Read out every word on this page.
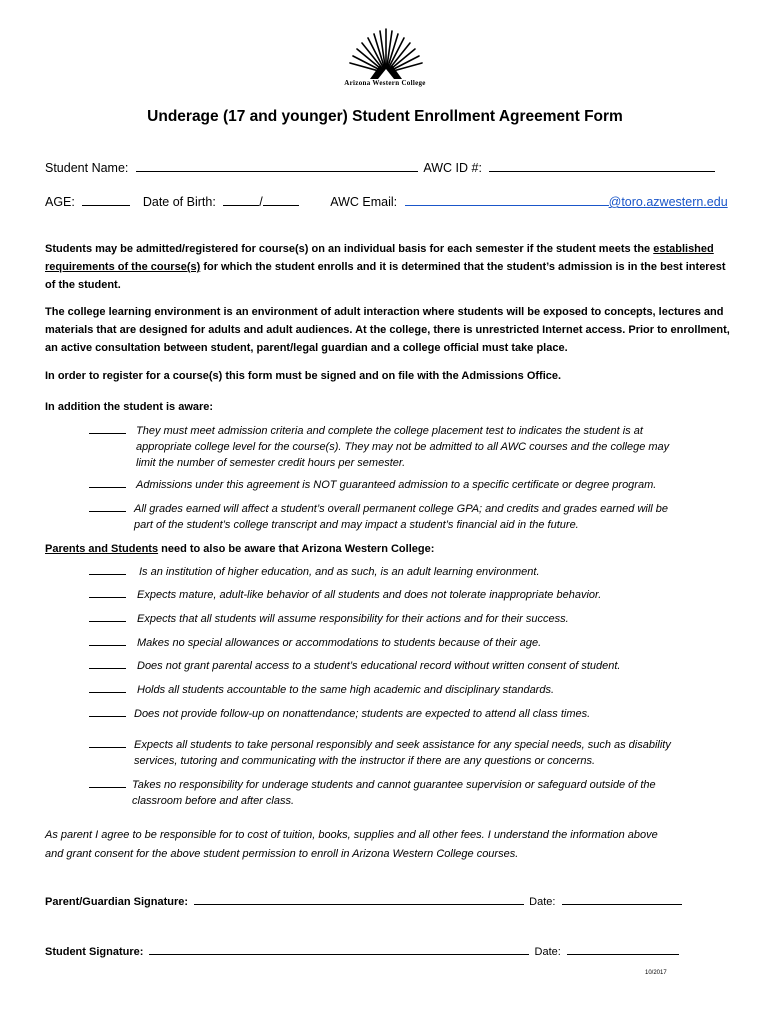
Arizona Western College
Underage (17 and younger) Student Enrollment Agreement Form
Student Name:	AWC ID #:
AGE:	Date of Birth:	/	AWC Email:	@toro.azwestern.edu
Students may be admitted/registered for course(s) on an individual basis for each semester if the student meets the established requirements of the course(s) for which the student enrolls and it is determined that the student’s admission is in the best interest of the student.
The college learning environment is an environment of adult interaction where students will be exposed to concepts, lectures and materials that are designed for adults and adult audiences. At the college, there is unrestricted Internet access. Prior to enrollment, an active consultation between student, parent/legal guardian and a college official must take place.
In order to register for a course(s) this form must be signed and on file with the Admissions Office.
In addition the student is aware:
They must meet admission criteria and complete the college placement test to indicates the student is at appropriate college level for the course(s). They may not be admitted to all AWC courses and the college may limit the number of semester credit hours per semester.
Admissions under this agreement is NOT guaranteed admission to a specific certificate or degree program.
All grades earned will affect a student’s overall permanent college GPA; and credits and grades earned will be part of the student’s college transcript and may impact a student’s financial aid in the future.
Parents and Students need to also be aware that Arizona Western College:
Is an institution of higher education, and as such, is an adult learning environment.
Expects mature, adult-like behavior of all students and does not tolerate inappropriate behavior.
Expects that all students will assume responsibility for their actions and for their success.
Makes no special allowances or accommodations to students because of their age.
Does not grant parental access to a student’s educational record without written consent of student.
Holds all students accountable to the same high academic and disciplinary standards.
Does not provide follow-up on nonattendance; students are expected to attend all class times.
Expects all students to take personal responsibly and seek assistance for any special needs, such as disability services, tutoring and communicating with the instructor if there are any questions or concerns.
Takes no responsibility for underage students and cannot guarantee supervision or safeguard outside of the classroom before and after class.
As parent I agree to be responsible for to cost of tuition, books, supplies and all other fees. I understand the information above and grant consent for the above student permission to enroll in Arizona Western College courses.
Parent/Guardian Signature:	Date:
Student Signature:	Date:
10/2017
